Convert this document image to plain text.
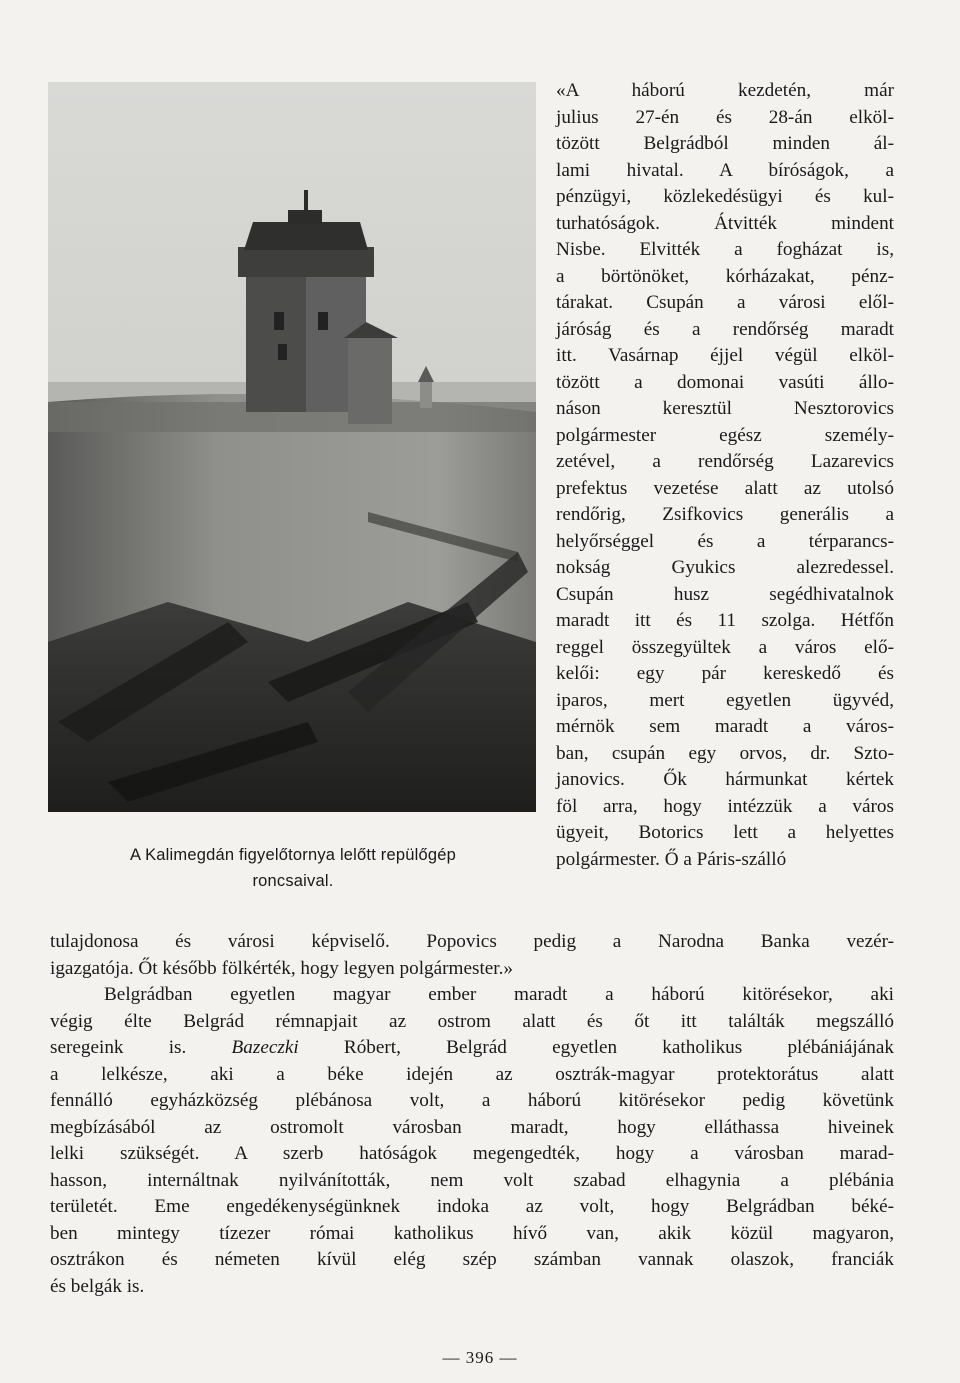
A Kalimegdán figyelőtornya lelőtt repülőgép
roncsaival.
«A háború kezdetén, már
julius 27-én és 28-án elköl-
tözött Belgrádból minden ál-
lami hivatal. A bíróságok, a
pénzügyi, közlekedésügyi és kul-
turhatóságok. Átvitték mindent
Nisbe. Elvitték a fogházat is,
a börtönöket, kórházakat, pénz-
tárakat. Csupán a városi elől-
járóság és a rendőrség maradt
itt. Vasárnap éjjel végül elköl-
tözött a domonai vasúti állo-
náson keresztül Nesztorovics
polgármester egész személy-
zetével, a rendőrség Lazarevics
prefektus vezetése alatt az utolsó
rendőrig, Zsifkovics generális a
helyőrséggel és a térparancs-
nokság Gyukics alezredessel.
Csupán husz segédhivatalnok
maradt itt és 11 szolga. Hétfőn
reggel összegyültek a város elő-
kelői: egy pár kereskedő és
iparos, mert egyetlen ügyvéd,
mérnök sem maradt a város-
ban, csupán egy orvos, dr. Szto-
janovics. Ők hármunkat kértek
föl arra, hogy intézzük a város
ügyeit, Botorics lett a helyettes
polgármester. Ő a Páris-szálló
tulajdonosa és városi képviselő. Popovics pedig a Narodna Banka vezér-
igazgatója. Őt később fölkérték, hogy legyen polgármester.»
Belgrádban egyetlen magyar ember maradt a háború kitörésekor, aki
végig élte Belgrád rémnapjait az ostrom alatt és őt itt találták megszálló
seregeink is. Bazeczki Róbert, Belgrád egyetlen katholikus plébániájának
a lelkésze, aki a béke idején az osztrák-magyar protektorátus alatt
fennálló egyházközség plébánosa volt, a háború kitörésekor pedig követünk
megbízásából az ostromolt városban maradt, hogy elláthassa hiveinek
lelki szükségét. A szerb hatóságok megengedték, hogy a városban marad-
hasson, internáltnak nyilvánították, nem volt szabad elhagynia a plébánia
területét. Eme engedékenységünknek indoka az volt, hogy Belgrádban béké-
ben mintegy tízezer római katholikus hívő van, akik közül magyaron,
osztrákon és németen kívül elég szép számban vannak olaszok, franciák
és belgák is.
— 396 —
